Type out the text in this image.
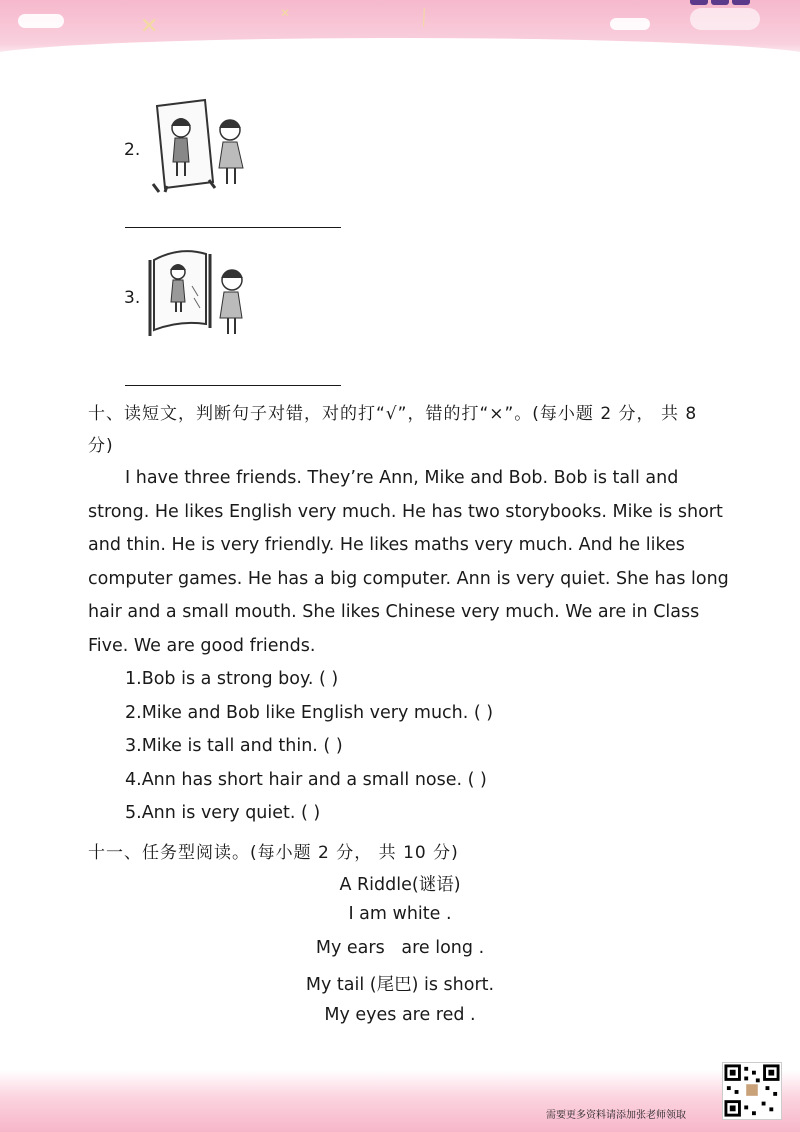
✕
✕	╱
2.
3.
十、读短文，判断句子对错，对的打“√”，错的打“×”。(每小题 2 分， 共 8
分)
I have three friends. They’re Ann, Mike and Bob. Bob is tall and strong. He likes English very much. He has two storybooks. Mike is short and thin. He is very friendly. He likes maths very much. And he likes computer games. He has a big computer. Ann is very quiet. She has long hair and a small mouth. She likes Chinese very much. We are in Class Five. We are good friends.
1.Bob is a strong boy. ( )
2.Mike and Bob like English very much. ( )
3.Mike is tall and thin. ( )
4.Ann has short hair and a small nose. ( )
5.Ann is very quiet. ( )
十一、任务型阅读。(每小题 2 分， 共 10 分)
A Riddle(谜语)
I am white .
My ears   are long .
My tail (尾巴) is short.
My eyes are red .
需要更多资料请添加张老师领取
